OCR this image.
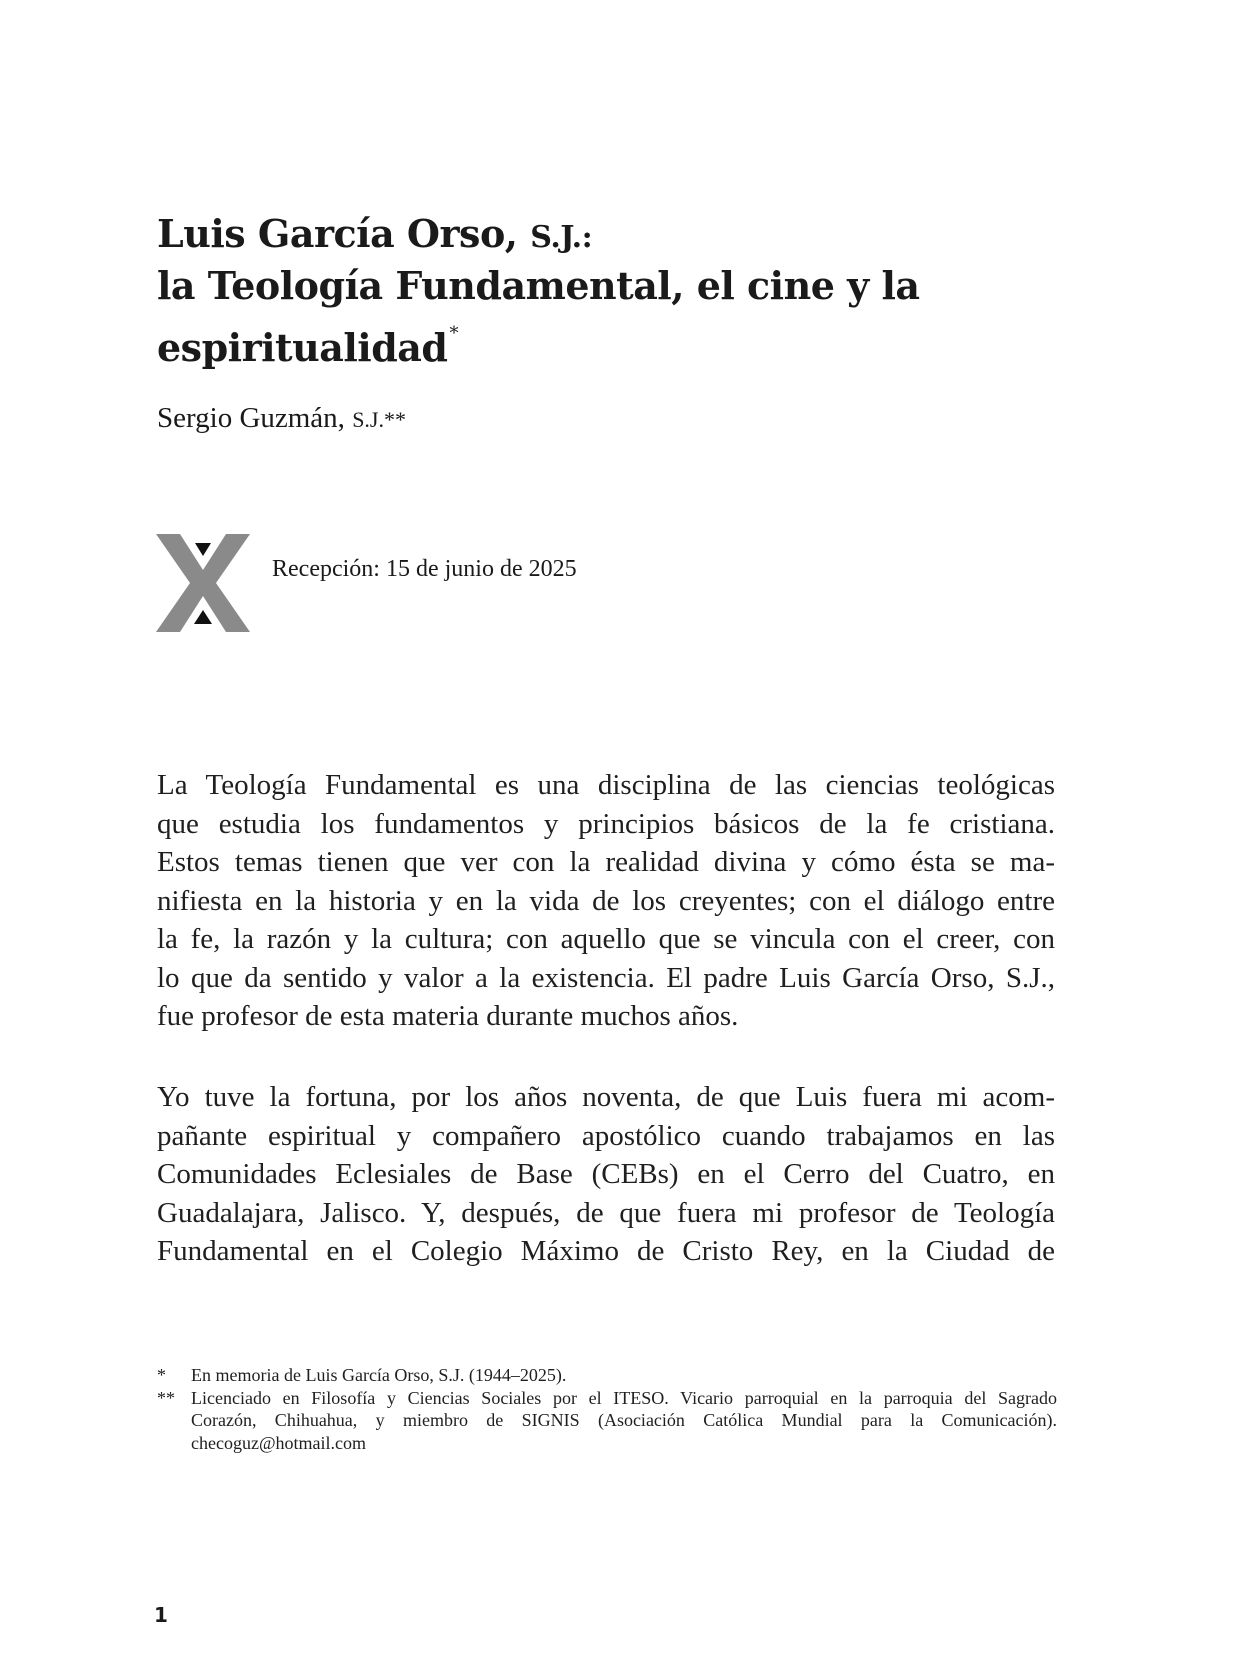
Luis García Orso, S.J.:
la Teología Fundamental, el cine y la
espiritualidad *
Sergio Guzmán, S.J.**
Recepción: 15 de junio de 2025
La Teología Fundamental es una disciplina de las ciencias teológicas
que estudia los fundamentos y principios básicos de la fe cristiana.
Estos temas tienen que ver con la realidad divina y cómo ésta se ma-
nifiesta en la historia y en la vida de los creyentes; con el diálogo entre
la fe, la razón y la cultura; con aquello que se vincula con el creer, con
lo que da sentido y valor a la existencia. El padre Luis García Orso, S.J.,
fue profesor de esta materia durante muchos años.
Yo tuve la fortuna, por los años noventa, de que Luis fuera mi acom-
pañante espiritual y compañero apostólico cuando trabajamos en las
Comunidades Eclesiales de Base (CEBs) en el Cerro del Cuatro, en
Guadalajara, Jalisco. Y, después, de que fuera mi profesor de Teología
Fundamental en el Colegio Máximo de Cristo Rey, en la Ciudad de
*	En memoria de Luis García Orso, S.J. (1944–2025).
** Licenciado en Filosofía y Ciencias Sociales por el ITESO. Vicario parroquial en la parroquia del Sagrado
Corazón, Chihuahua, y miembro de SIGNIS (Asociación Católica Mundial para la Comunicación).
checoguz@hotmail.com
1
